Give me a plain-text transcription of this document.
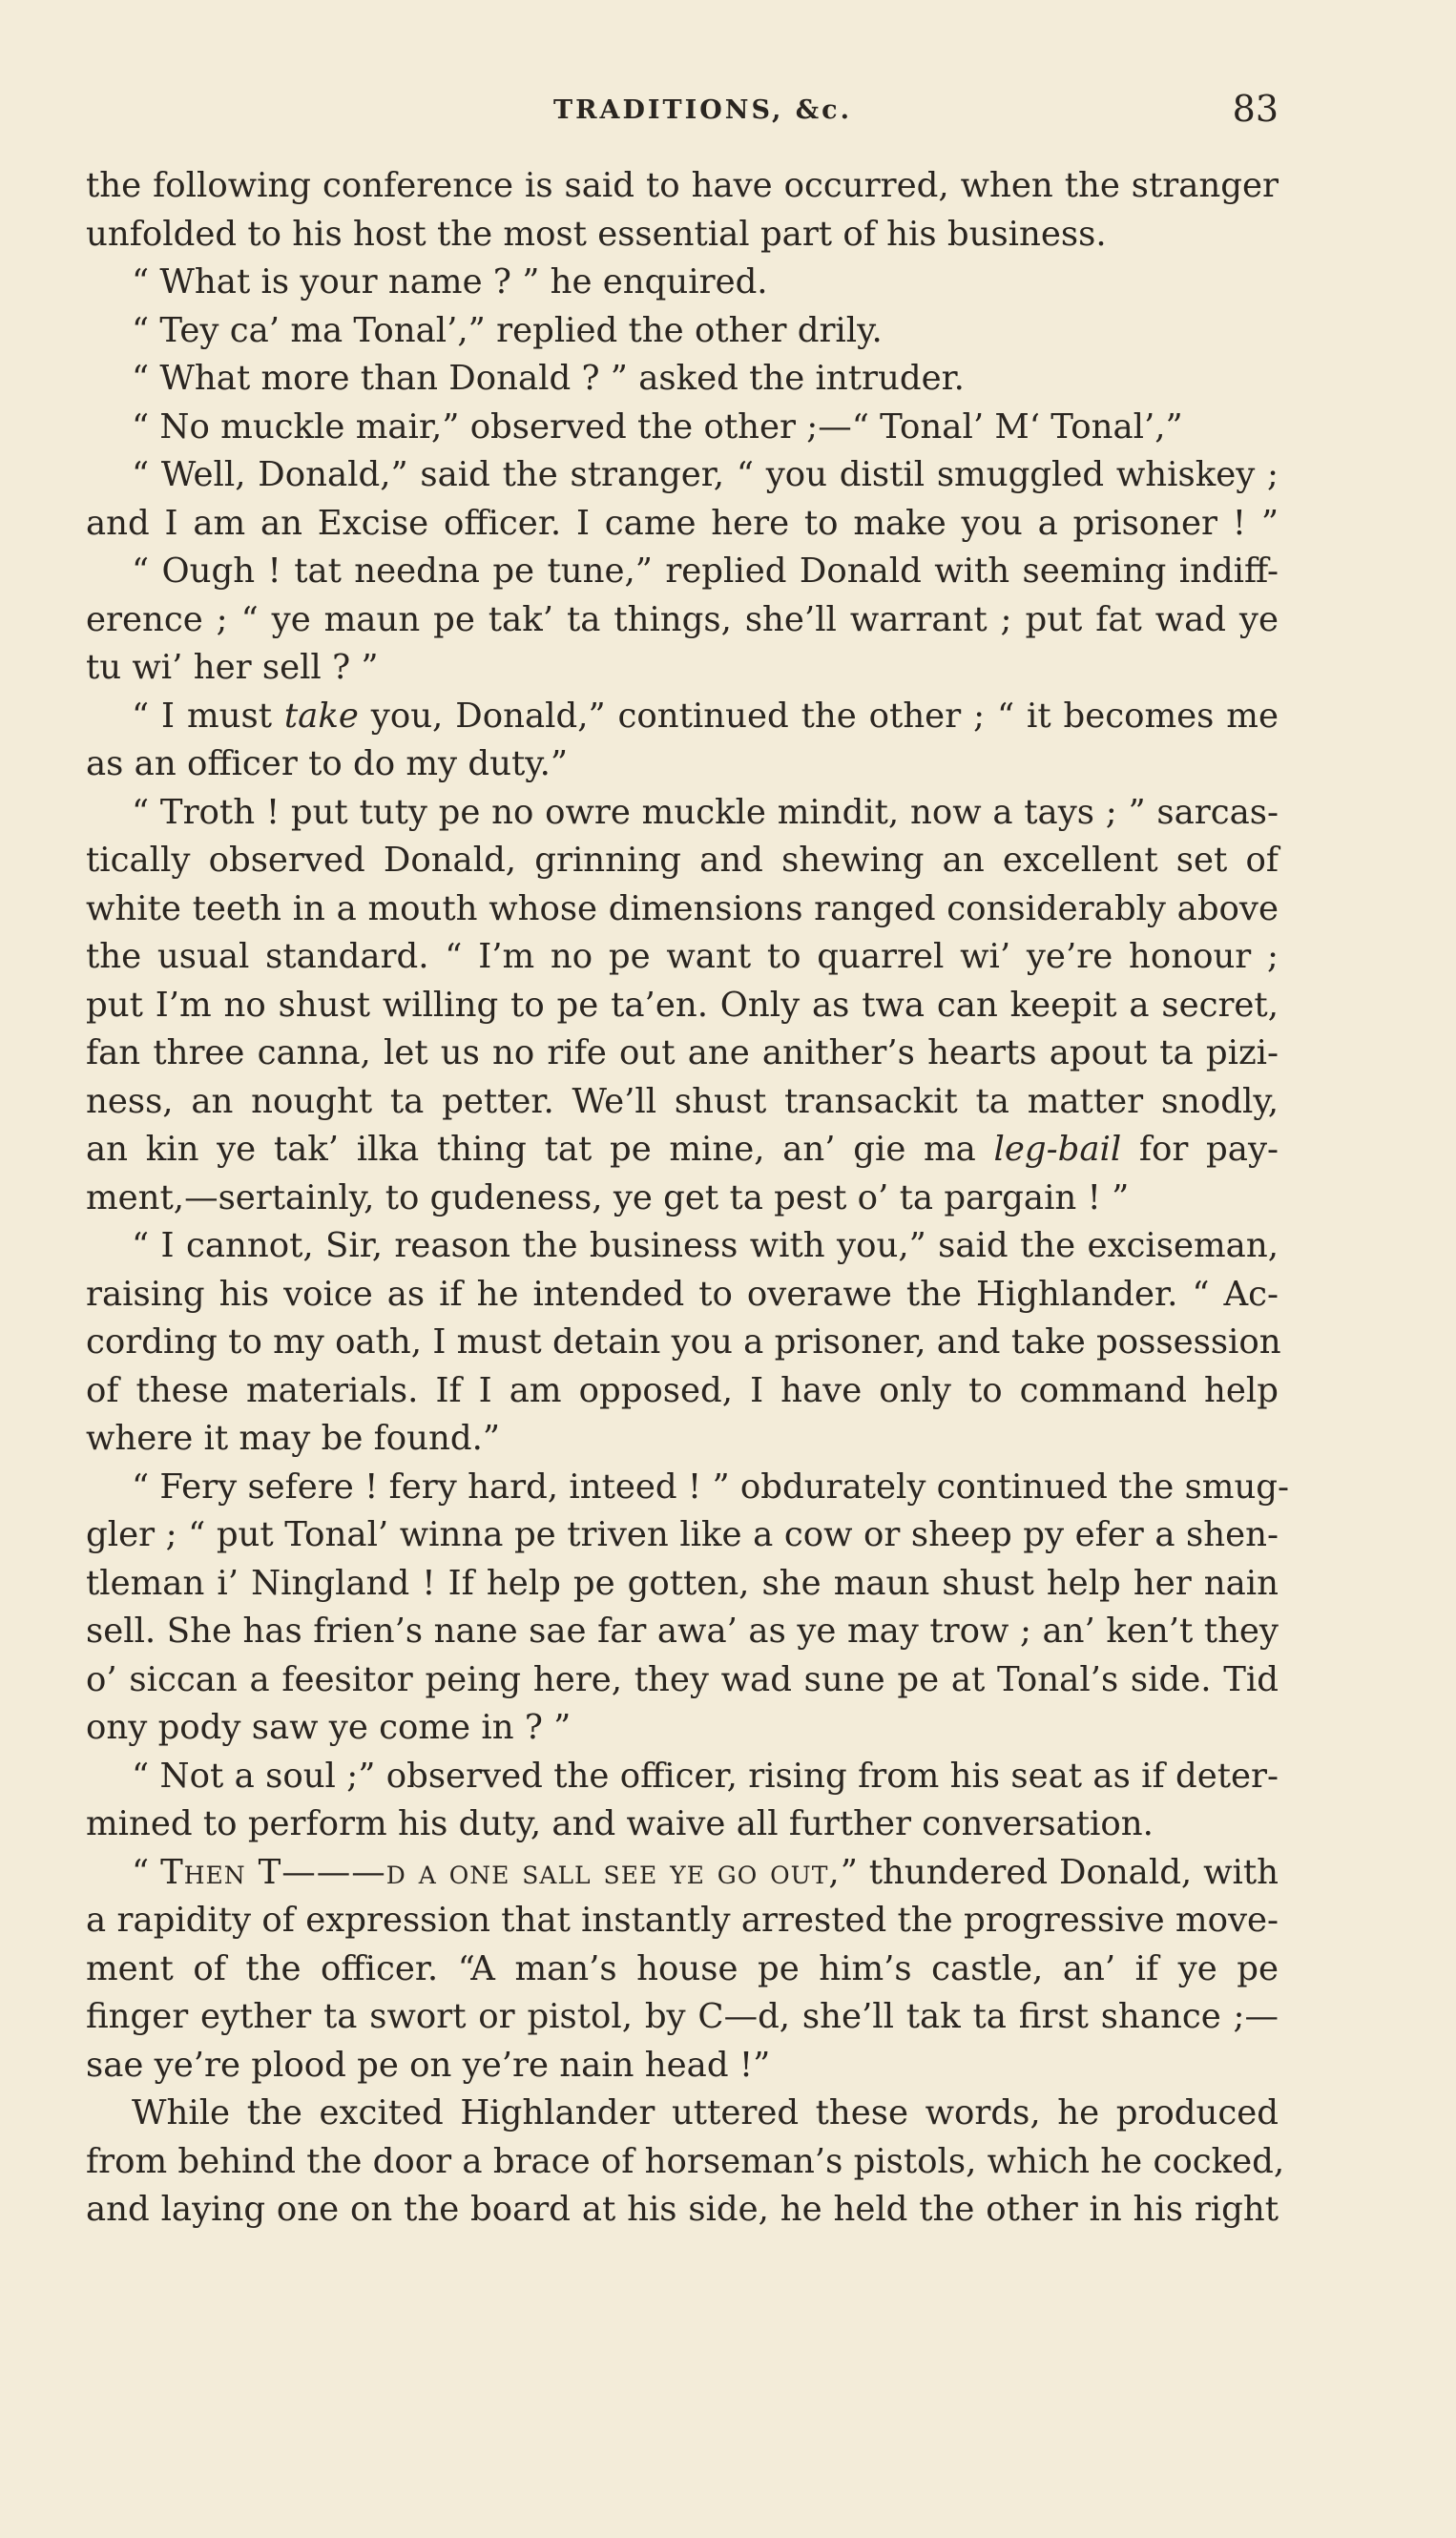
TRADITIONS, &c.	83
the following conference is said to have occurred, when the stranger
unfolded to his host the most essential part of his business.
“ What is your name ? ” he enquired.
“ Tey ca’ ma Tonal’,” replied the other drily.
“ What more than Donald ? ” asked the intruder.
“ No muckle mair,” observed the other ;—“ Tonal’ M‘ Tonal’,”
“ Well, Donald,” said the stranger, “ you distil smuggled whiskey ;
and I am an Excise officer. I came here to make you a prisoner ! ”
“ Ough ! tat needna pe tune,” replied Donald with seeming indiff-
erence ; “ ye maun pe tak’ ta things, she’ll warrant ; put fat wad ye
tu wi’ her sell ? ”
“ I must take you, Donald,” continued the other ; “ it becomes me
as an officer to do my duty.”
“ Troth ! put tuty pe no owre muckle mindit, now a tays ; ” sarcas-
tically observed Donald, grinning and shewing an excellent set of
white teeth in a mouth whose dimensions ranged considerably above
the usual standard. “ I’m no pe want to quarrel wi’ ye’re honour ;
put I’m no shust willing to pe ta’en. Only as twa can keepit a secret,
fan three canna, let us no rife out ane anither’s hearts apout ta pizi-
ness, an nought ta petter. We’ll shust transackit ta matter snodly,
an kin ye tak’ ilka thing tat pe mine, an’ gie ma leg-bail for pay-
ment,—sertainly, to gudeness, ye get ta pest o’ ta pargain ! ”
“ I cannot, Sir, reason the business with you,” said the exciseman,
raising his voice as if he intended to overawe the Highlander. “ Ac-
cording to my oath, I must detain you a prisoner, and take possession
of these materials. If I am opposed, I have only to command help
where it may be found.”
“ Fery sefere ! fery hard, inteed ! ” obdurately continued the smug-
gler ; “ put Tonal’ winna pe triven like a cow or sheep py efer a shen-
tleman i’ Ningland ! If help pe gotten, she maun shust help her nain
sell. She has frien’s nane sae far awa’ as ye may trow ; an’ ken’t they
o’ siccan a feesitor peing here, they wad sune pe at Tonal’s side. Tid
ony pody saw ye come in ? ”
“ Not a soul ;” observed the officer, rising from his seat as if deter-
mined to perform his duty, and waive all further conversation.
“ Then T———d a one sall see ye go out,” thundered Donald, with
a rapidity of expression that instantly arrested the progressive move-
ment of the officer. “A man’s house pe him’s castle, an’ if ye pe
finger eyther ta swort or pistol, by C—d, she’ll tak ta first shance ;—
sae ye’re plood pe on ye’re nain head !”
While the excited Highlander uttered these words, he produced
from behind the door a brace of horseman’s pistols, which he cocked,
and laying one on the board at his side, he held the other in his right
